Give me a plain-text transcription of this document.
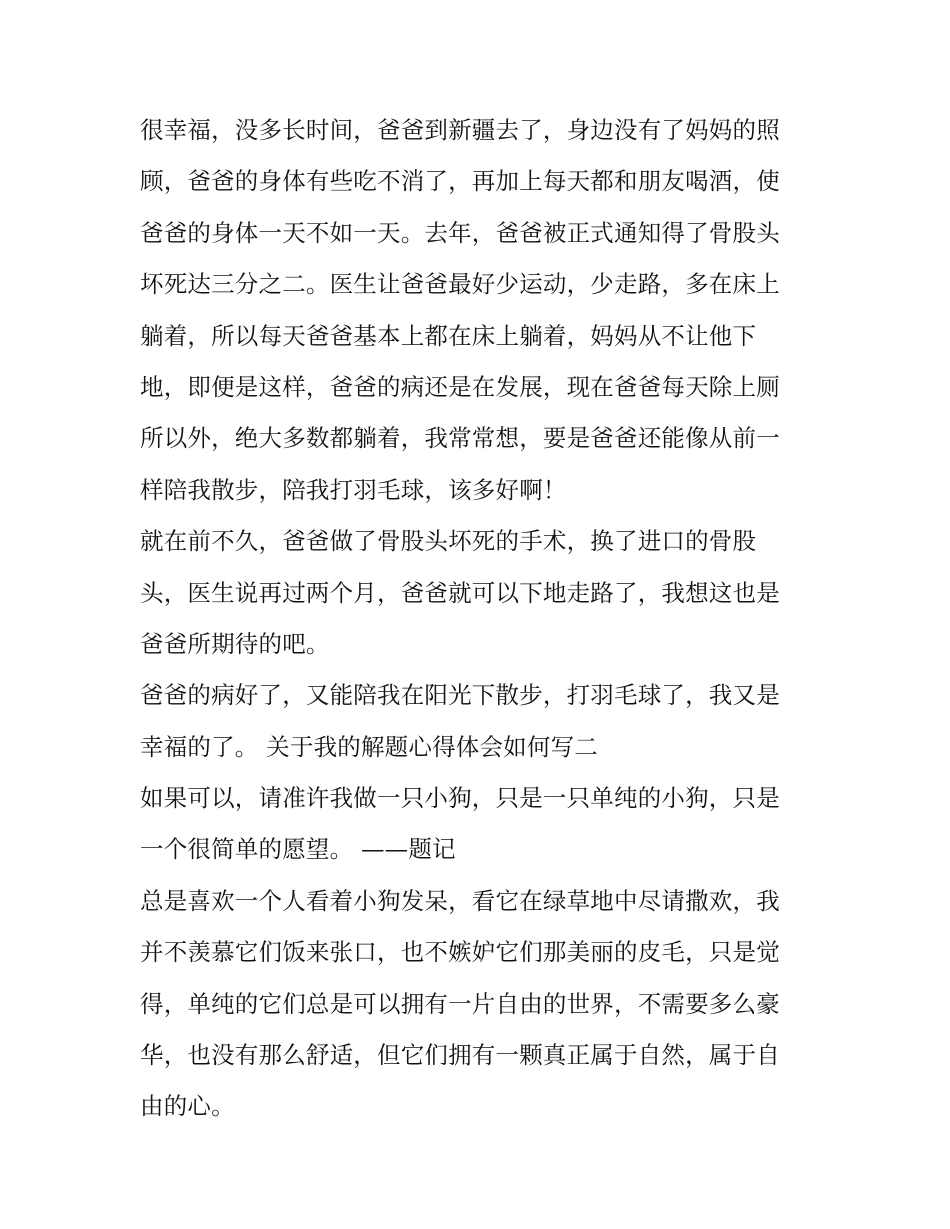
很幸福，没多长时间，爸爸到新疆去了，身边没有了妈妈的照
顾，爸爸的身体有些吃不消了，再加上每天都和朋友喝酒，使
爸爸的身体一天不如一天。去年，爸爸被正式通知得了骨股头
坏死达三分之二。医生让爸爸最好少运动，少走路，多在床上
躺着，所以每天爸爸基本上都在床上躺着，妈妈从不让他下
地，即便是这样，爸爸的病还是在发展，现在爸爸每天除上厕
所以外，绝大多数都躺着，我常常想，要是爸爸还能像从前一
样陪我散步，陪我打羽毛球，该多好啊！
就在前不久，爸爸做了骨股头坏死的手术，换了进口的骨股
头，医生说再过两个月，爸爸就可以下地走路了，我想这也是
爸爸所期待的吧。
爸爸的病好了，又能陪我在阳光下散步，打羽毛球了，我又是
幸福的了。 关于我的解题心得体会如何写二
如果可以，请准许我做一只小狗，只是一只单纯的小狗，只是
一个很简单的愿望。 ——题记
总是喜欢一个人看着小狗发呆，看它在绿草地中尽请撒欢，我
并不羡慕它们饭来张口，也不嫉妒它们那美丽的皮毛，只是觉
得，单纯的它们总是可以拥有一片自由的世界，不需要多么豪
华，也没有那么舒适，但它们拥有一颗真正属于自然，属于自
由的心。
